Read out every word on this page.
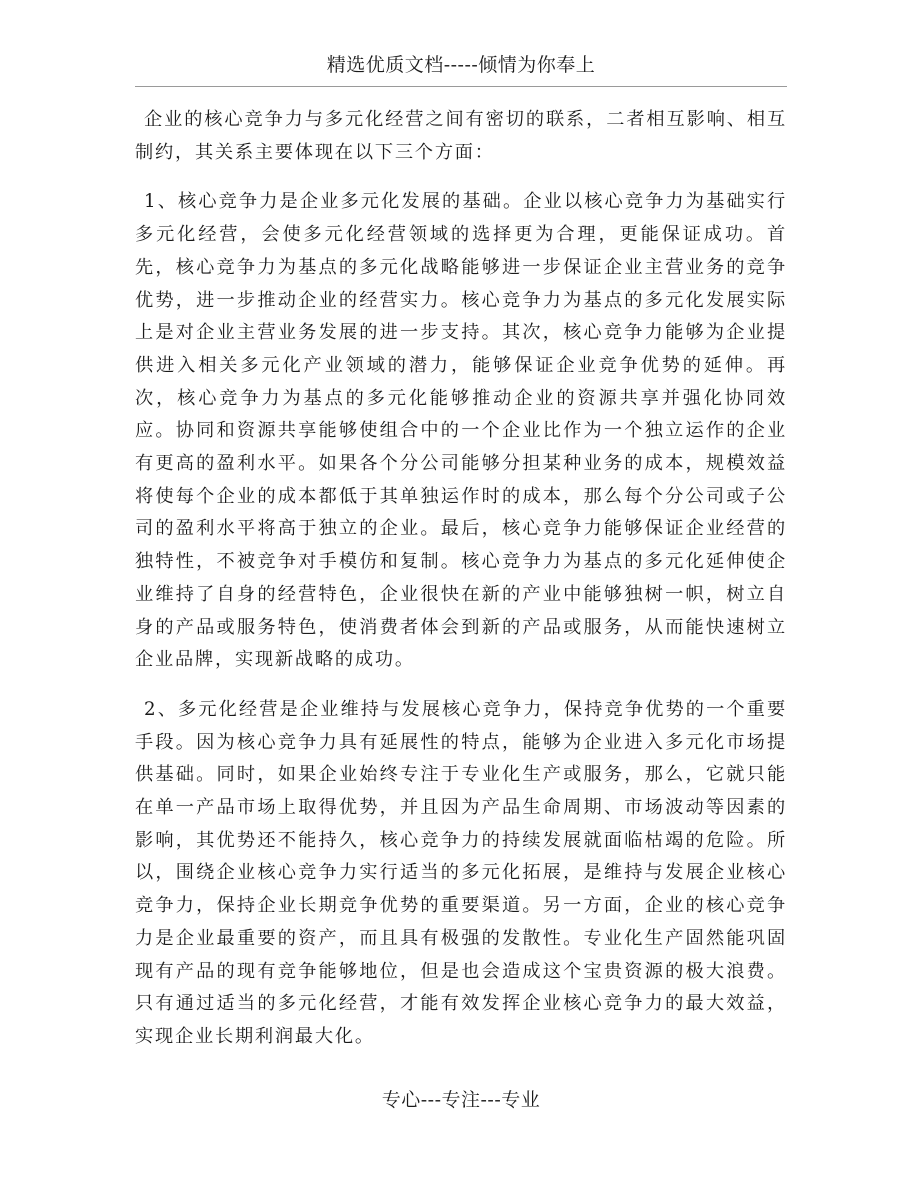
精选优质文档-----倾情为你奉上

企业的核心竞争力与多元化经营之间有密切的联系，二者相互影响、相互制约，其关系主要体现在以下三个方面：

1、核心竞争力是企业多元化发展的基础。企业以核心竞争力为基础实行多元化经营，会使多元化经营领域的选择更为合理，更能保证成功。首先，核心竞争力为基点的多元化战略能够进一步保证企业主营业务的竞争优势，进一步推动企业的经营实力。核心竞争力为基点的多元化发展实际上是对企业主营业务发展的进一步支持。其次，核心竞争力能够为企业提供进入相关多元化产业领域的潜力，能够保证企业竞争优势的延伸。再次，核心竞争力为基点的多元化能够推动企业的资源共享并强化协同效应。协同和资源共享能够使组合中的一个企业比作为一个独立运作的企业有更高的盈利水平。如果各个分公司能够分担某种业务的成本，规模效益将使每个企业的成本都低于其单独运作时的成本，那么每个分公司或子公司的盈利水平将高于独立的企业。最后，核心竞争力能够保证企业经营的独特性，不被竞争对手模仿和复制。核心竞争力为基点的多元化延伸使企业维持了自身的经营特色，企业很快在新的产业中能够独树一帜，树立自身的产品或服务特色，使消费者体会到新的产品或服务，从而能快速树立企业品牌，实现新战略的成功。

2、多元化经营是企业维持与发展核心竞争力，保持竞争优势的一个重要手段。因为核心竞争力具有延展性的特点，能够为企业进入多元化市场提供基础。同时，如果企业始终专注于专业化生产或服务，那么，它就只能在单一产品市场上取得优势，并且因为产品生命周期、市场波动等因素的影响，其优势还不能持久，核心竞争力的持续发展就面临枯竭的危险。所以，围绕企业核心竞争力实行适当的多元化拓展，是维持与发展企业核心竞争力，保持企业长期竞争优势的重要渠道。另一方面，企业的核心竞争力是企业最重要的资产，而且具有极强的发散性。专业化生产固然能巩固现有产品的现有竞争能够地位，但是也会造成这个宝贵资源的极大浪费。只有通过适当的多元化经营，才能有效发挥企业核心竞争力的最大效益，实现企业长期利润最大化。

专心---专注---专业
